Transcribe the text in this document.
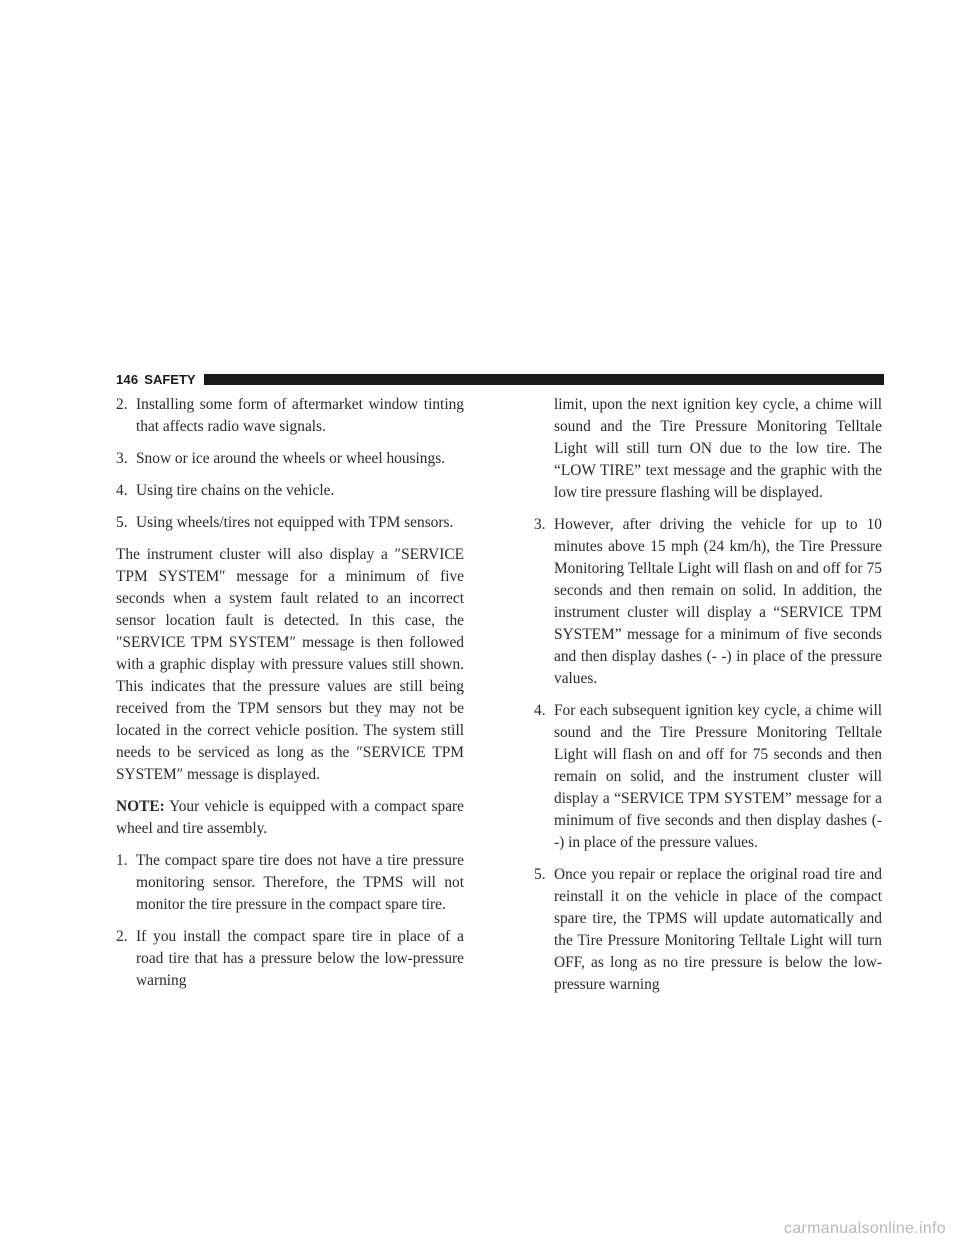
146 SAFETY
2. Installing some form of aftermarket window tinting that affects radio wave signals.
3. Snow or ice around the wheels or wheel housings.
4. Using tire chains on the vehicle.
5. Using wheels/tires not equipped with TPM sensors.

The instrument cluster will also display a ″SERVICE TPM SYSTEM″ message for a minimum of five seconds when a system fault related to an incorrect sensor location fault is detected. In this case, the ″SERVICE TPM SYSTEM″ message is then followed with a graphic display with pressure values still shown. This indicates that the pressure values are still being received from the TPM sensors but they may not be located in the correct vehicle position. The system still needs to be serviced as long as the ″SERVICE TPM SYSTEM″ message is displayed.

NOTE: Your vehicle is equipped with a compact spare wheel and tire assembly.

1. The compact spare tire does not have a tire pressure monitoring sensor. Therefore, the TPMS will not monitor the tire pressure in the compact spare tire.
2. If you install the compact spare tire in place of a road tire that has a pressure below the low-pressure warning
limit, upon the next ignition key cycle, a chime will sound and the Tire Pressure Monitoring Telltale Light will still turn ON due to the low tire. The “LOW TIRE” text message and the graphic with the low tire pressure flashing will be displayed.
3. However, after driving the vehicle for up to 10 minutes above 15 mph (24 km/h), the Tire Pressure Monitoring Telltale Light will flash on and off for 75 seconds and then remain on solid. In addition, the instrument cluster will display a “SERVICE TPM SYSTEM” message for a minimum of five seconds and then display dashes (- -) in place of the pressure values.
4. For each subsequent ignition key cycle, a chime will sound and the Tire Pressure Monitoring Telltale Light will flash on and off for 75 seconds and then remain on solid, and the instrument cluster will display a “SERVICE TPM SYSTEM” message for a minimum of five seconds and then display dashes (- -) in place of the pressure values.
5. Once you repair or replace the original road tire and reinstall it on the vehicle in place of the compact spare tire, the TPMS will update automatically and the Tire Pressure Monitoring Telltale Light will turn OFF, as long as no tire pressure is below the low-pressure warning
carmanualsonline.info
